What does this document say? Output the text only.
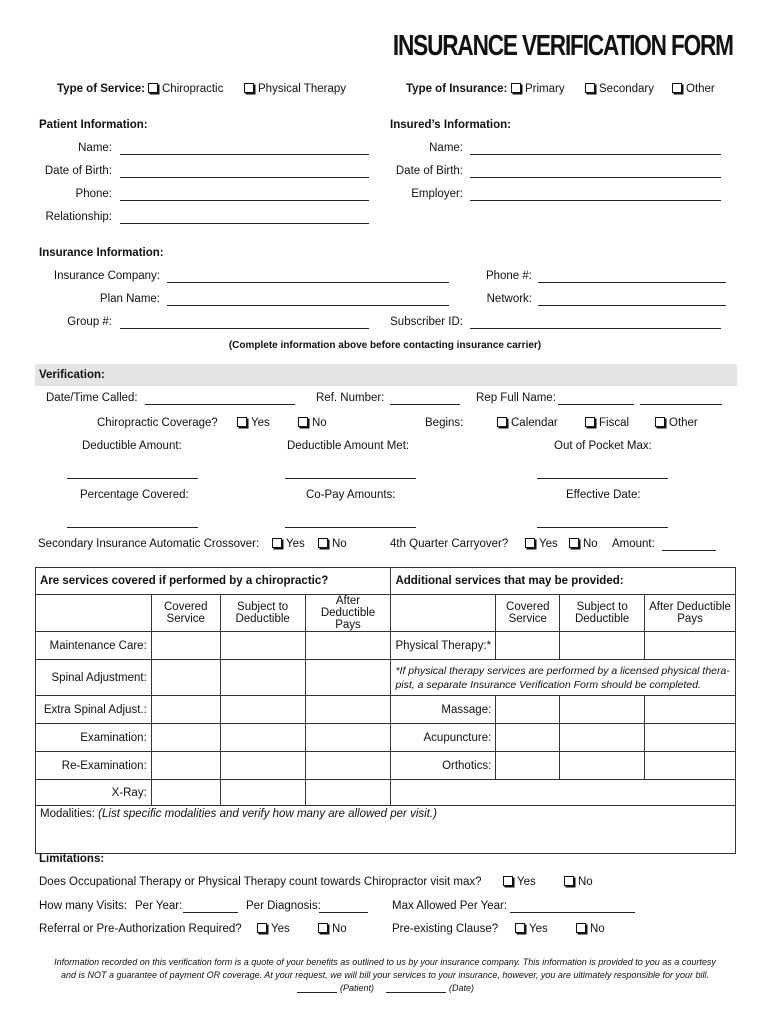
INSURANCE VERIFICATION FORM
Type of Service:	Chiropractic	Physical Therapy	Type of Insurance:	Primary	Secondary	Other
Patient Information:	Insured’s Information:
Name:	Name:
Date of Birth:	Date of Birth:
Phone:	Employer:
Relationship:
Insurance Information:
Insurance Company:	Phone #:
Plan Name:	Network:
Group #:	Subscriber ID:
(Complete information above before contacting insurance carrier)
Verification:
Date/Time Called:	Ref. Number:	Rep Full Name:
Chiropractic Coverage?	Yes	No	Begins:	Calendar	Fiscal	Other
Deductible Amount:	Deductible Amount Met:	Out of Pocket Max:
Percentage Covered:	Co-Pay Amounts:	Effective Date:
Secondary Insurance Automatic Crossover:	Yes	No	4th Quarter Carryover?	Yes	No Amount:
Are services covered if performed by a chiropractic?				Additional services that may be provided:			
	Covered Service	Subject to Deductible	After Deductible Pays		Covered Service	Subject to Deductible	After Deductible Pays
Maintenance Care:				Physical Therapy:*			
Spinal Adjustment:				*If physical therapy services are performed by a licensed physical thera- pist, a separate Insurance Verification Form should be completed.			
Extra Spinal Adjust.:				Massage:			
Examination:				Acupuncture:			
Re-Examination:				Orthotics:			
X-Ray:							
Modalities: (List specific modalities and verify how many are allowed per visit.)							
Limitations:
Does Occupational Therapy or Physical Therapy count towards Chiropractor visit max?	Yes	No
How many Visits: Per Year:	Per Diagnosis:	Max Allowed Per Year:
Referral or Pre-Authorization Required?	Yes	No	Pre-existing Clause?	Yes	No
Information recorded on this verification form is a quote of your benefits as outlined to us by your insurance company. This information is provided to you as a courtesy
and is NOT a guarantee of payment OR coverage. At your request, we will bill your services to your insurance, however, you are ultimately responsible for your bill.
(Patient)	(Date)
